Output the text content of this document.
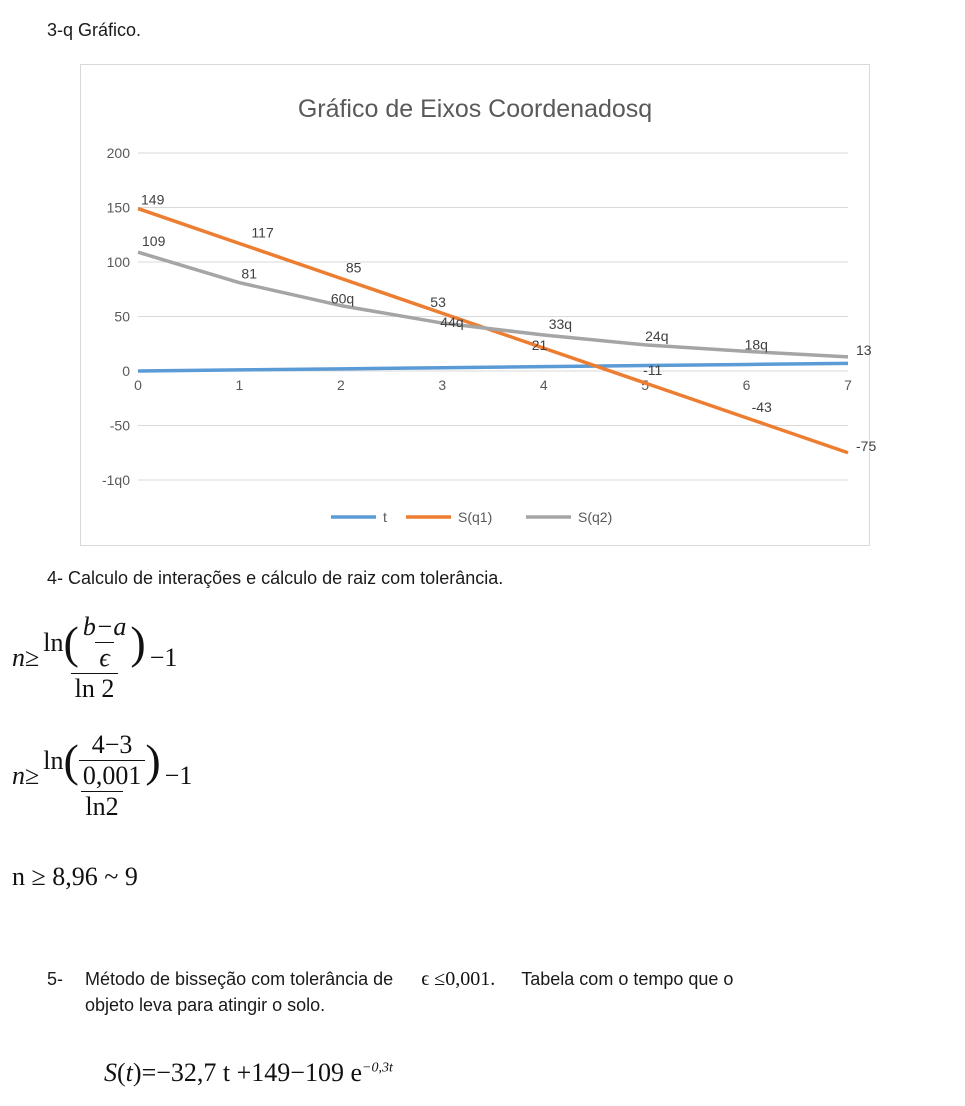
3-q Gráfico.
Gráfico de Eixos Coordenadosq
200
150
100
50
0
-50
-1q0
0	1	2	3	4	5	6	7
149
117
85
53
21
-11
-43
-75
109
81
60q
44q	33q
24q
18q	13
t	S(q1)	S(q2)
4- Calculo de interações e cálculo de raiz com tolerância.
$n \ge \frac{\ln ( \frac{b-a}{\epsilon} )}{\ln 2} -1$
$n \ge \frac{\ln ( \frac{4-3}{0,001} )}{\ln 2} -1$
n ≥ 8,96 ~ 9
5-	Método de bisseção com tolerância de ϵ ≤0,001. Tabela com o tempo que o
objeto leva para atingir o solo.
S(t)=−32,7 t +149−109 $e^{-0,3t}$
